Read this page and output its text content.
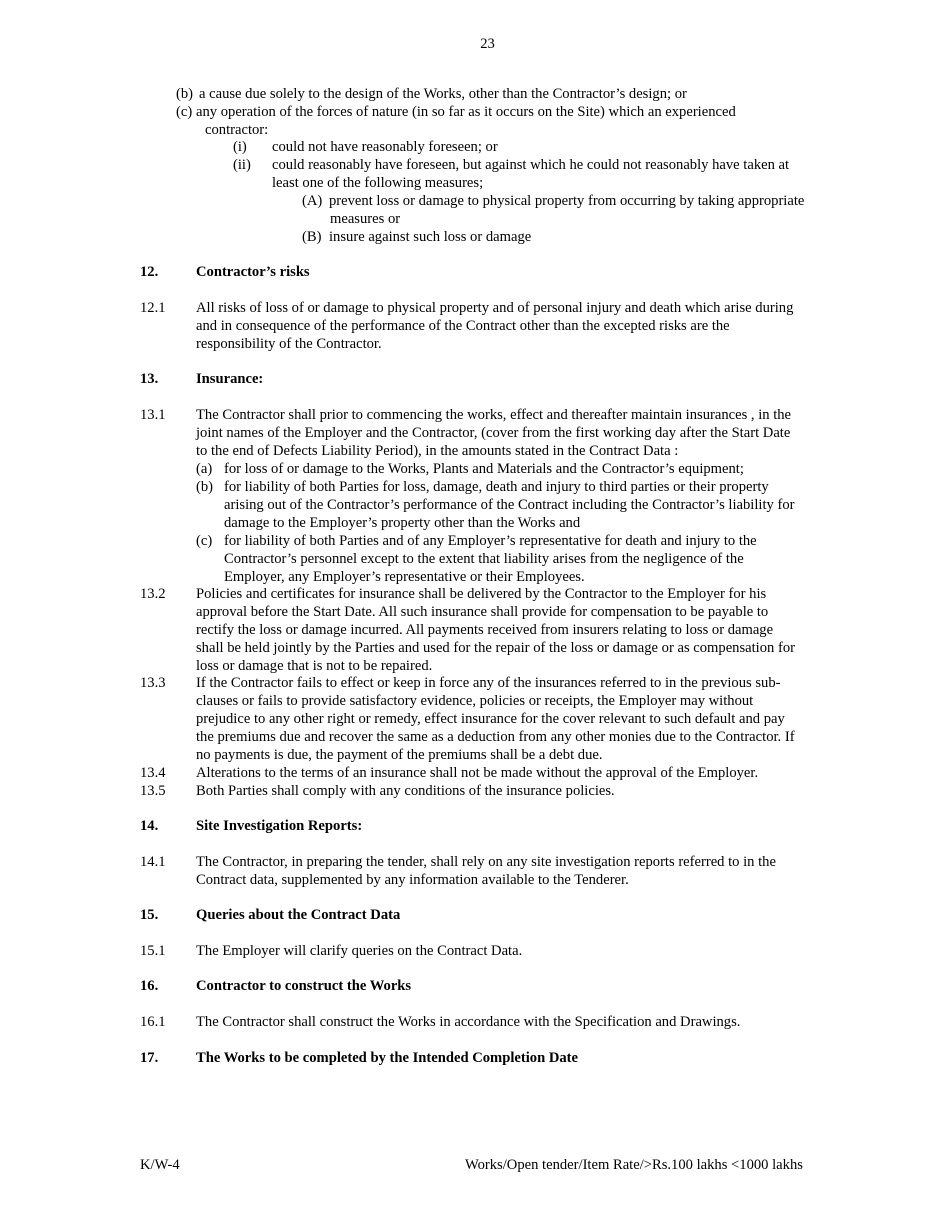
23
(b) a cause due solely to the design of the Works, other than the Contractor’s design; or
(c) any operation of the forces of nature (in so far as it occurs on the Site) which an experienced
contractor:
(i) could not have reasonably foreseen; or
(ii) could reasonably have foreseen, but against which he could not reasonably have taken at
least one of the following measures;
(A) prevent loss or damage to physical property from occurring by taking appropriate
measures or
(B) insure against such loss or damage
12.	Contractor’s risks
12.1 All risks of loss of or damage to physical property and of personal injury and death which arise during
and in consequence of the performance of the Contract other than the excepted risks are the
responsibility of the Contractor.
13.	Insurance:
13.1 The Contractor shall prior to commencing the works, effect and thereafter maintain insurances , in the
joint names of the Employer and the Contractor, (cover from the first working day after the Start Date
to the end of Defects Liability Period), in the amounts stated in the Contract Data :
(a) for loss of or damage to the Works, Plants and Materials and the Contractor’s equipment;
(b) for liability of both Parties for loss, damage, death and injury to third parties or their property
arising out of the Contractor’s performance of the Contract including the Contractor’s liability for
damage to the Employer’s property other than the Works and
(c) for liability of both Parties and of any Employer’s representative for death and injury to the
Contractor’s personnel except to the extent that liability arises from the negligence of the
Employer, any Employer’s representative or their Employees.
13.2 Policies and certificates for insurance shall be delivered by the Contractor to the Employer for his
approval before the Start Date. All such insurance shall provide for compensation to be payable to
rectify the loss or damage incurred. All payments received from insurers relating to loss or damage
shall be held jointly by the Parties and used for the repair of the loss or damage or as compensation for
loss or damage that is not to be repaired.
13.3 If the Contractor fails to effect or keep in force any of the insurances referred to in the previous sub-
clauses or fails to provide satisfactory evidence, policies or receipts, the Employer may without
prejudice to any other right or remedy, effect insurance for the cover relevant to such default and pay
the premiums due and recover the same as a deduction from any other monies due to the Contractor. If
no payments is due, the payment of the premiums shall be a debt due.
13.4 Alterations to the terms of an insurance shall not be made without the approval of the Employer.
13.5 Both Parties shall comply with any conditions of the insurance policies.
14.	Site Investigation Reports:
14.1 The Contractor, in preparing the tender, shall rely on any site investigation reports referred to in the
Contract data, supplemented by any information available to the Tenderer.
15.	Queries about the Contract Data
15.1 The Employer will clarify queries on the Contract Data.
16.	Contractor to construct the Works
16.1 The Contractor shall construct the Works in accordance with the Specification and Drawings.
17.	The Works to be completed by the Intended Completion Date
K/W-4	Works/Open tender/Item Rate/>Rs.100 lakhs <1000 lakhs
